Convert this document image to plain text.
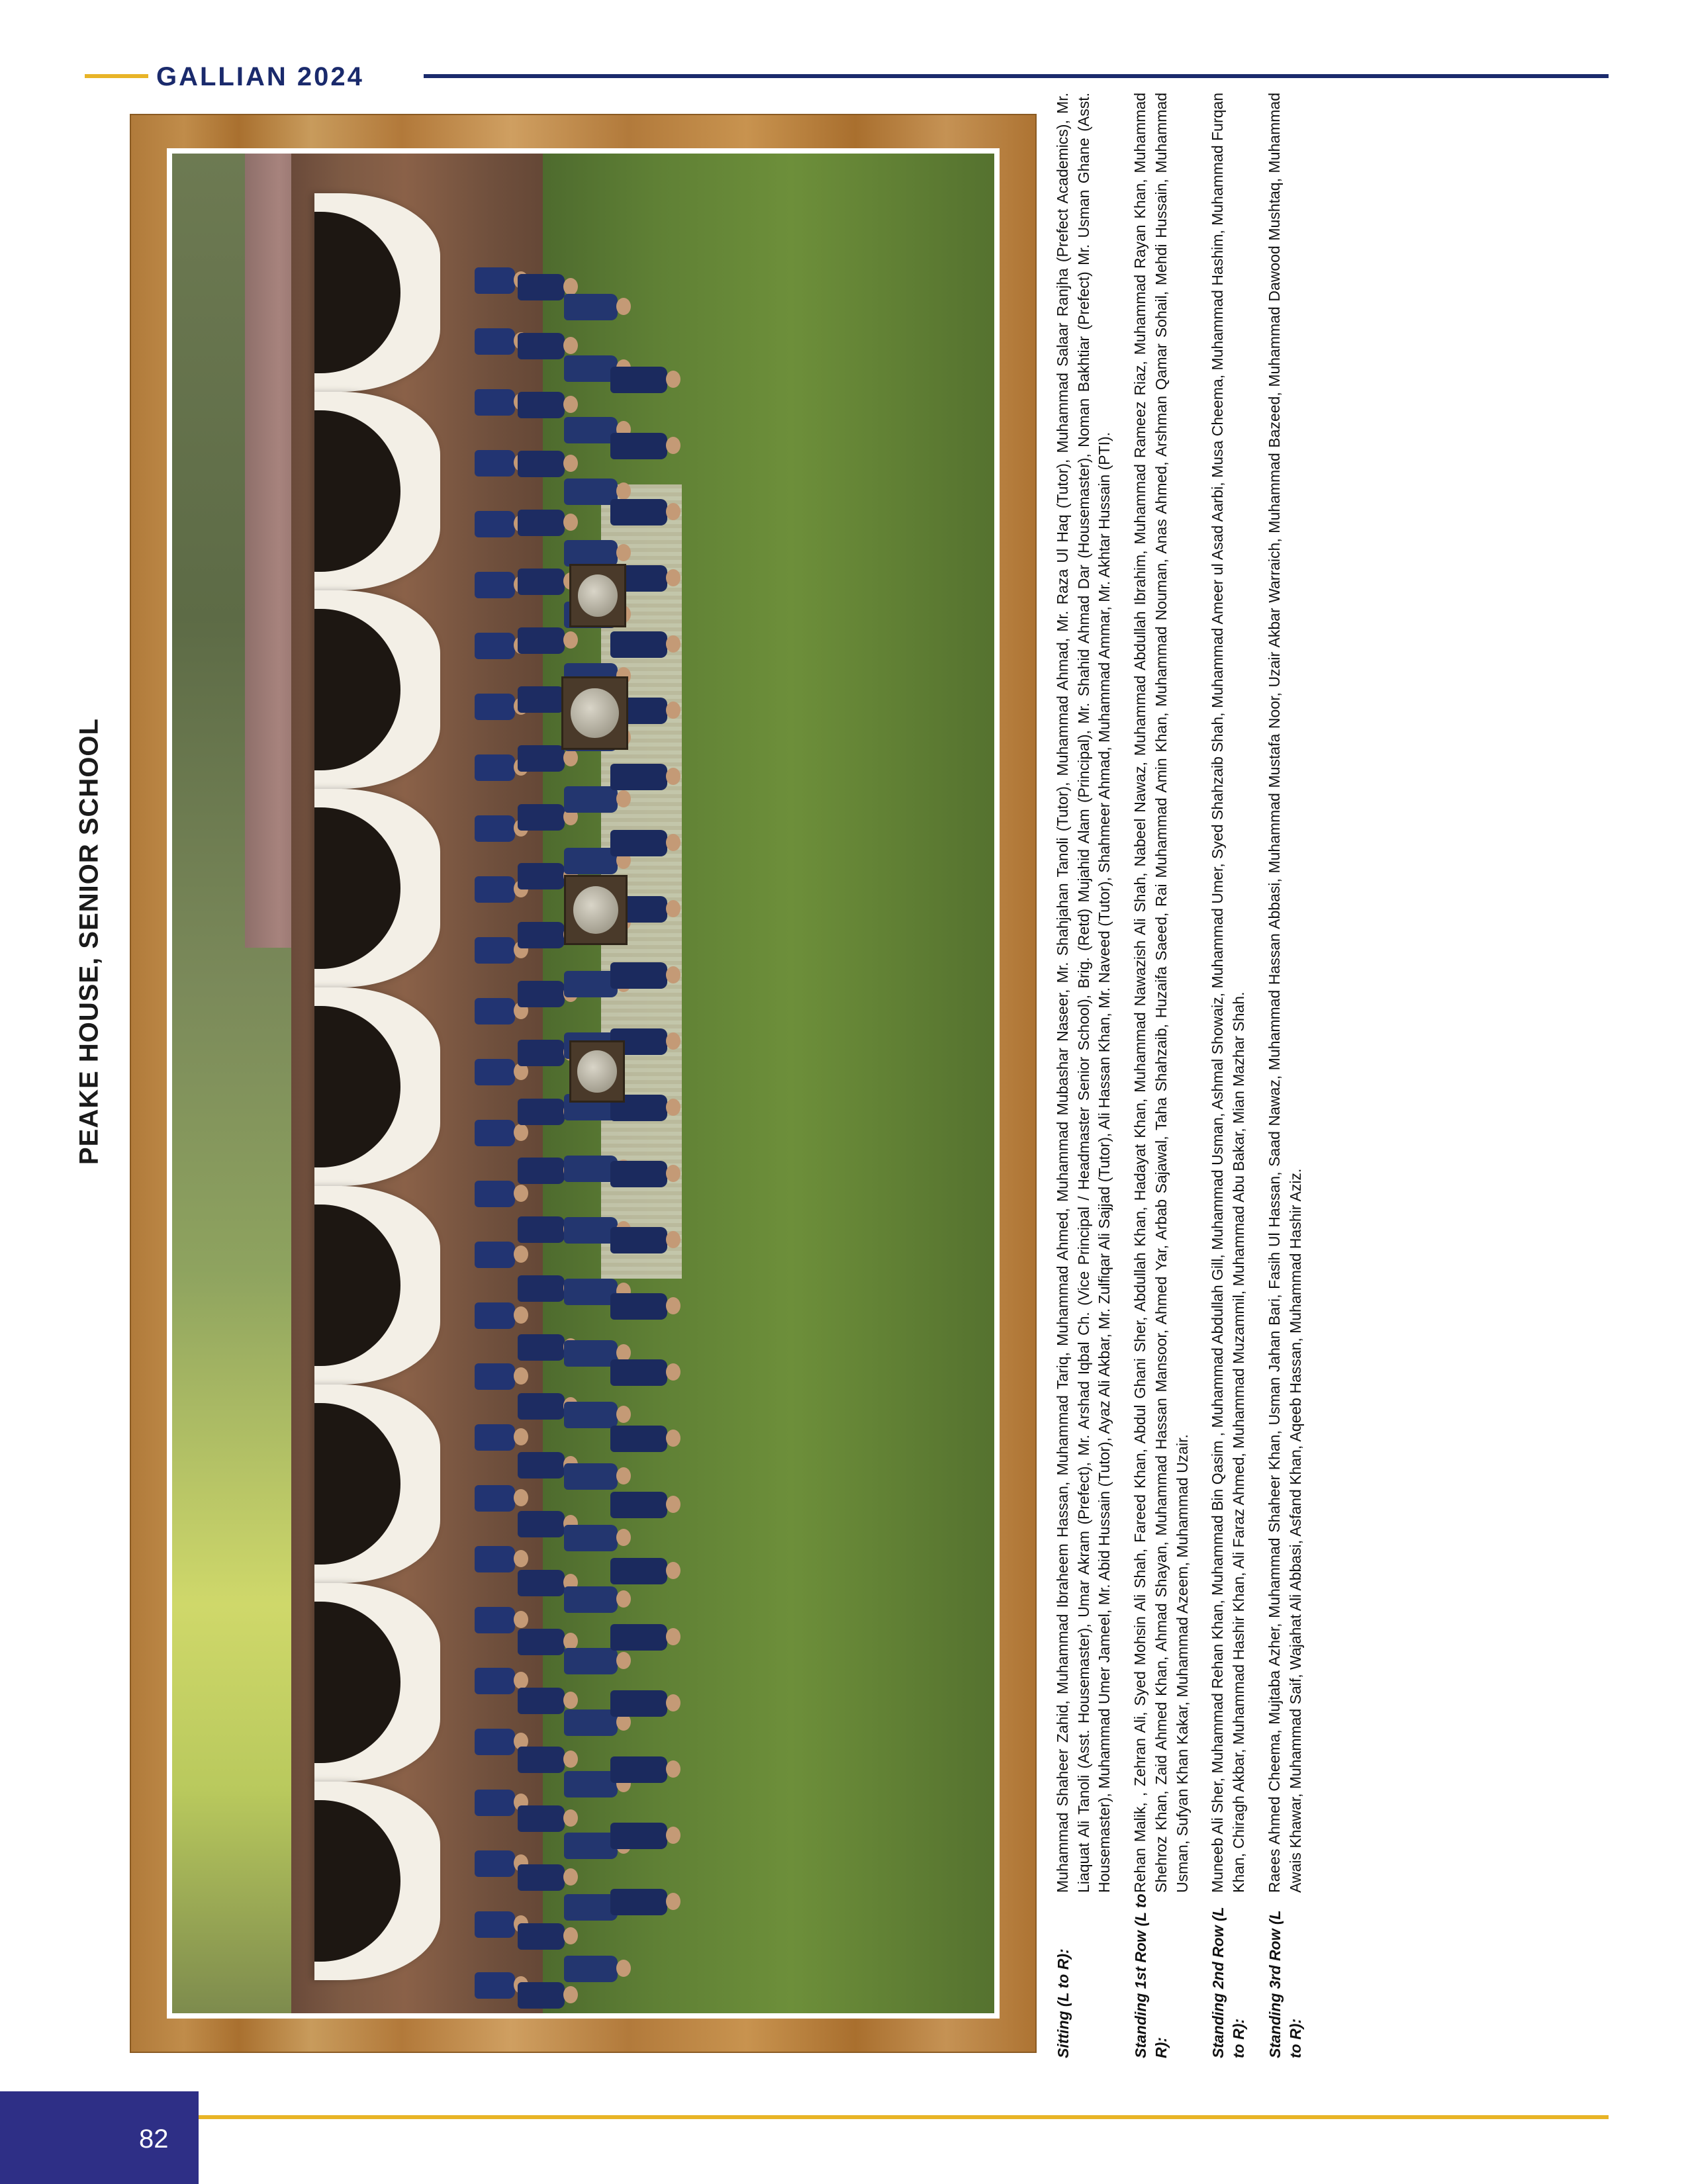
GALLIAN 2024
PEAKE HOUSE, SENIOR SCHOOL
Sitting (L to R):
Muhammad Shaheer Zahid, Muhammad Ibraheem Hassan, Muhammad Tariq, Muhammad Ahmed, Muhammad Mubashar Naseer, Mr. Shahjahan Tanoli (Tutor), Muhammad Ahmad, Mr. Raza Ul Haq (Tutor), Muhammad Salaar Ranjha (Prefect Academics), Mr. Liaquat Ali Tanoli (Asst. Housemaster), Umar Akram (Prefect), Mr. Arshad Iqbal Ch. (Vice Principal / Headmaster Senior School), Brig. (Retd) Mujahid Alam (Principal), Mr. Shahid Ahmad Dar (Housemaster), Noman Bakhtiar (Prefect) Mr. Usman Ghane (Asst. Housemaster), Muhammad Umer Jameel, Mr. Abid Hussain (Tutor), Ayaz Ali Akbar, Mr. Zulfiqar Ali Sajjad (Tutor), Ali Hassan Khan, Mr. Naveed (Tutor), Shahmeer Ahmad, Muhammad Ammar, Mr. Akhtar Hussain (PTI).
Standing 1st Row (L to R):
Rehan Malik, , Zehran Ali, Syed Mohsin Ali Shah, Fareed Khan, Abdul Ghani Sher, Abdullah Khan, Hadayat Khan, Muhammad Nawazish Ali Shah, Nabeel Nawaz, Muhammad Abdullah Ibrahim, Muhammad Rameez Riaz, Muhammad Rayan Khan, Muhammad Shehroz Khan, Zaid Ahmed Khan, Ahmad Shayan, Muhammad Hassan Mansoor, Ahmed Yar, Arbab Sajawal, Taha Shahzaib, Huzaifa Saeed, Rai Muhammad Amin Khan, Muhammad Nouman, Anas Ahmed, Arshman Qamar Sohail, Mehdi Hussain, Muhammad Usman, Sufyan Khan Kakar, Muhammad Azeem, Muhammad Uzair.
Standing 2nd Row (L to R):
Muneeb Ali Sher, Muhammad Rehan Khan, Muhammad Bin Qasim , Muhammad Abdullah Gill, Muhammad Usman, Ashmal Showaiz, Muhammad Umer, Syed Shahzaib Shah, Muhammad Ameer ul Asad Aarbi, Musa Cheema, Muhammad Hashim, Muhammad Furqan Khan, Chiragh Akbar, Muhammad Hashir Khan, Ali Faraz Ahmed, Muhammad Muzammil, Muhammad Abu Bakar, Mian Mazhar Shah.
Standing 3rd Row (L to R):
Raees Ahmed Cheema, Mujtaba Azher, Muhammad Shaheer Khan, Usman Jahan Bari, Fasih Ul Hassan, Saad Nawaz, Muhammad Hassan Abbasi, Muhammad Mustafa Noor, Uzair Akbar Warraich, Muhammad Bazeed, Muhammad Dawood Mushtaq, Muhammad Awais Khawar, Muhammad Saif, Wajahat Ali Abbasi, Asfand Khan, Aqeeb Hassan, Muhammad Hashir Aziz.
82
